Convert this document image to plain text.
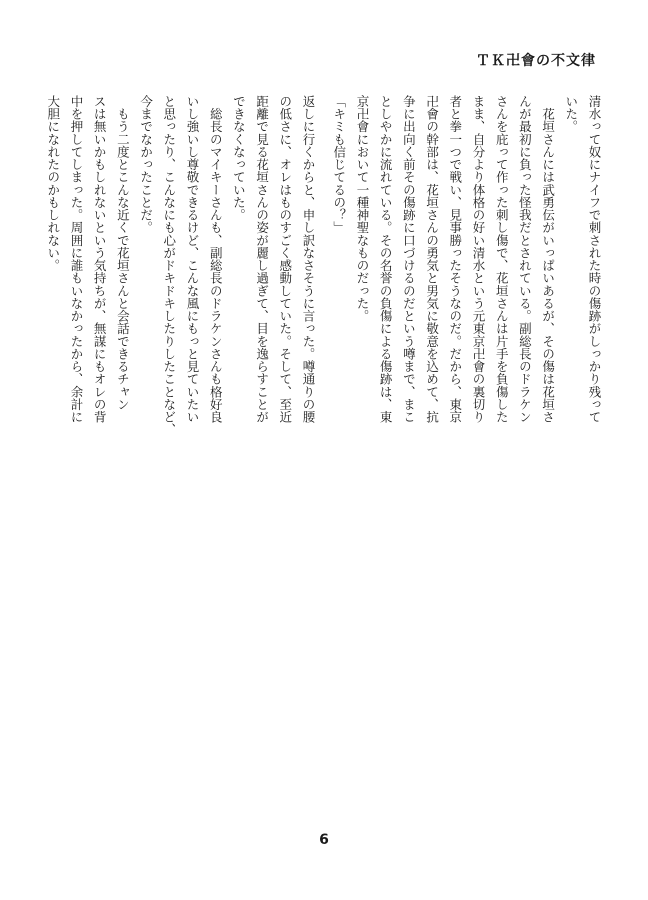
ＴＫ卍會の不文律

清水って奴にナイフで刺された時の傷跡がしっかり残って
いた。

　花垣さんには武勇伝がいっぱいあるが、その傷は花垣さ
んが最初に負った怪我だとされている。副総長のドラケン
さんを庇って作った刺し傷で、花垣さんは片手を負傷した
まま、自分より体格の好い清水という元東京卍會の裏切り
者と拳一つで戦い、見事勝ったそうなのだ。だから、東京
卍會の幹部は、花垣さんの勇気と男気に敬意を込めて、抗
争に出向く前その傷跡に口づけるのだという噂まで、まこ
としやかに流れている。その名誉の負傷による傷跡は、東
京卍會において一種神聖なものだった。

「キミも信じてるの？」

返しに行くからと、申し訳なさそうに言った。噂通りの腰
の低さに、オレはものすごく感動していた。そして、至近
距離で見る花垣さんの姿が麗し過ぎて、目を逸らすことが
できなくなっていた。

　総長のマイキーさんも、副総長のドラケンさんも格好良
いし強いし尊敬できるけど、こんな風にもっと見ていたい
と思ったり、こんなにも心がドキドキしたりしたことなど、
今までなかったことだ。

　もう二度とこんな近くで花垣さんと会話できるチャン
スは無いかもしれないという気持ちが、無謀にもオレの背
中を押してしまった。周囲に誰もいなかったから、余計に
大胆になれたのかもしれない。

6
